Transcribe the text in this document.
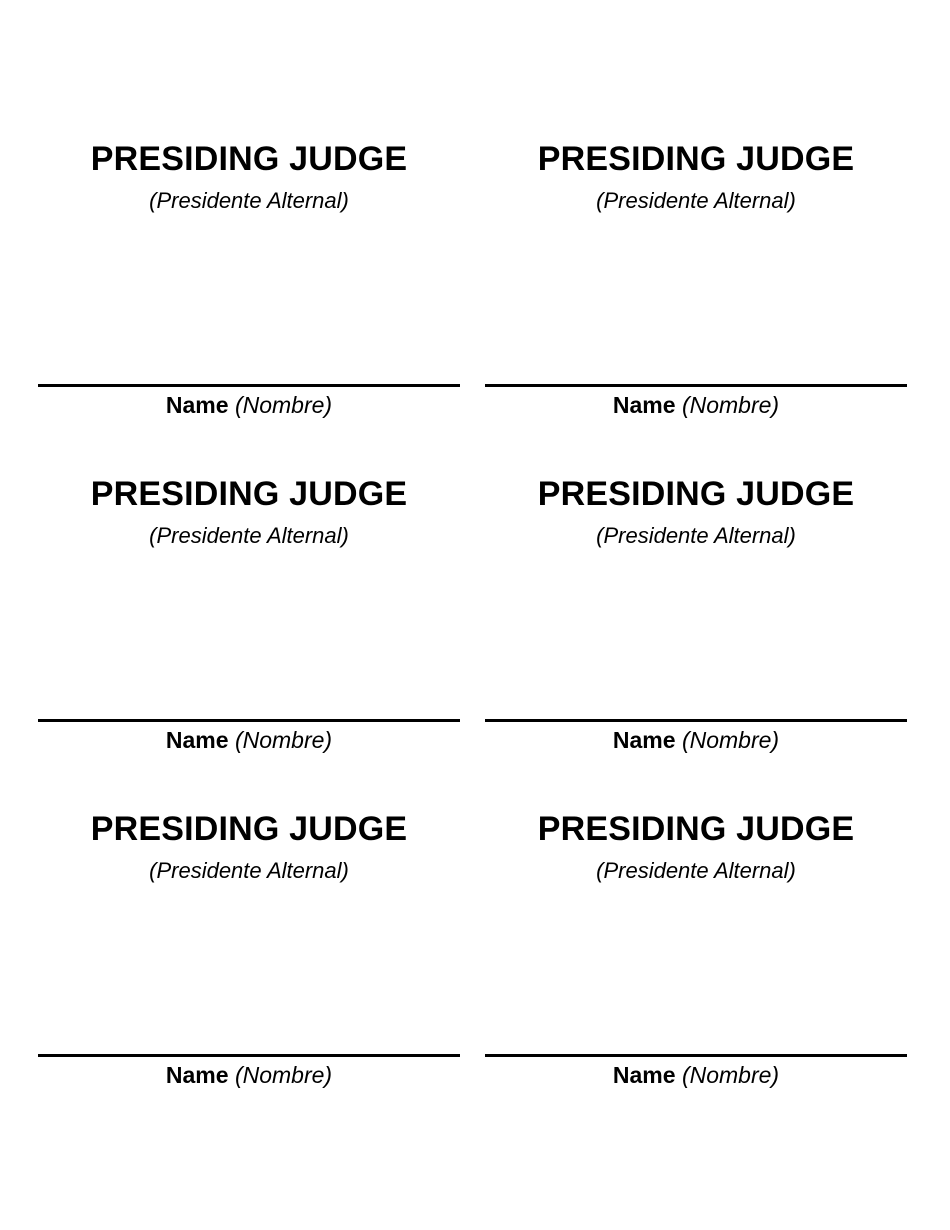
PRESIDING JUDGE
(Presidente Alternal)
Name (Nombre)
PRESIDING JUDGE
(Presidente Alternal)
Name (Nombre)
PRESIDING JUDGE
(Presidente Alternal)
Name (Nombre)
PRESIDING JUDGE
(Presidente Alternal)
Name (Nombre)
PRESIDING JUDGE
(Presidente Alternal)
Name (Nombre)
PRESIDING JUDGE
(Presidente Alternal)
Name (Nombre)
